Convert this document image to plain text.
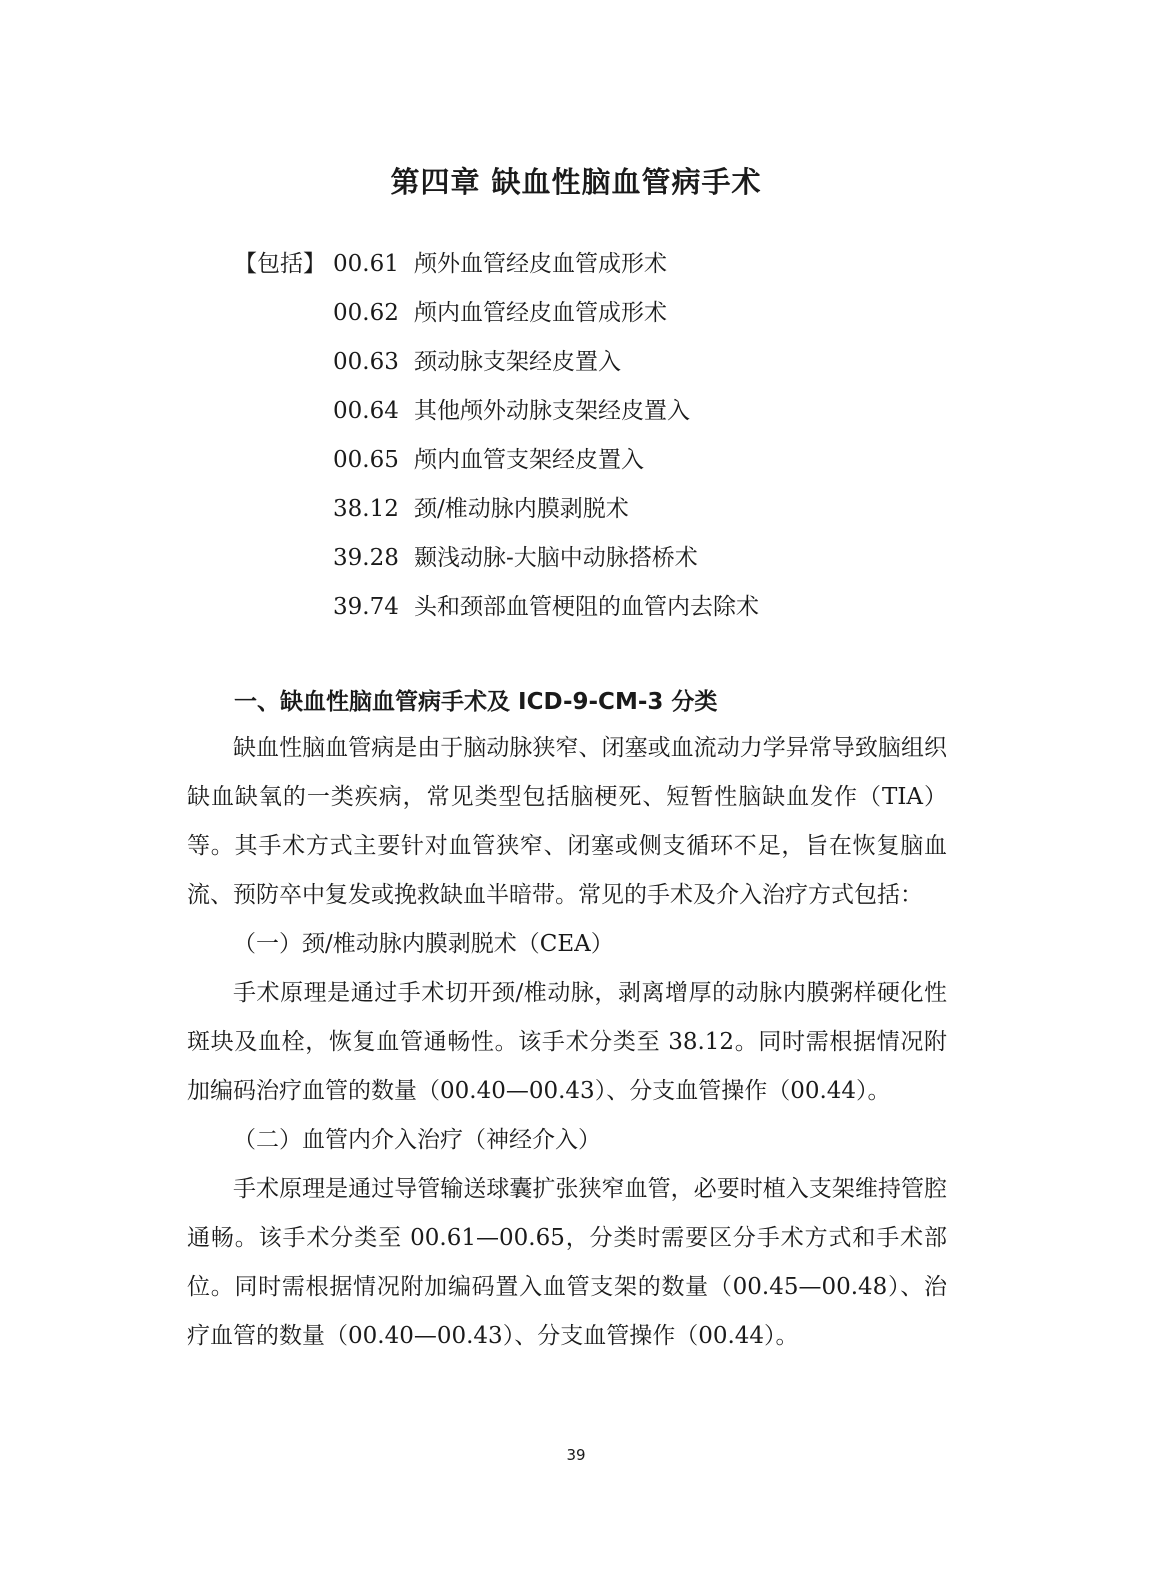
第四章 缺血性脑血管病手术
【包括】 00.61 颅外血管经皮血管成形术
00.62 颅内血管经皮血管成形术
00.63 颈动脉支架经皮置入
00.64 其他颅外动脉支架经皮置入
00.65 颅内血管支架经皮置入
38.12 颈/椎动脉内膜剥脱术
39.28 颞浅动脉-大脑中动脉搭桥术
39.74 头和颈部血管梗阻的血管内去除术
一、缺血性脑血管病手术及 ICD-9-CM-3 分类

缺血性脑血管病是由于脑动脉狭窄、闭塞或血流动力学异常导致脑组织缺血缺氧的一类疾病，常见类型包括脑梗死、短暂性脑缺血发作（TIA）等。其手术方式主要针对血管狭窄、闭塞或侧支循环不足，旨在恢复脑血流、预防卒中复发或挽救缺血半暗带。常见的手术及介入治疗方式包括：

（一）颈/椎动脉内膜剥脱术（CEA）

手术原理是通过手术切开颈/椎动脉，剥离增厚的动脉内膜粥样硬化性斑块及血栓，恢复血管通畅性。该手术分类至 38.12。同时需根据情况附加编码治疗血管的数量（00.40—00.43）、分支血管操作（00.44）。

（二）血管内介入治疗（神经介入）

手术原理是通过导管输送球囊扩张狭窄血管，必要时植入支架维持管腔通畅。该手术分类至 00.61—00.65，分类时需要区分手术方式和手术部位。同时需根据情况附加编码置入血管支架的数量（00.45—00.48）、治疗血管的数量（00.40—00.43）、分支血管操作（00.44）。

39
